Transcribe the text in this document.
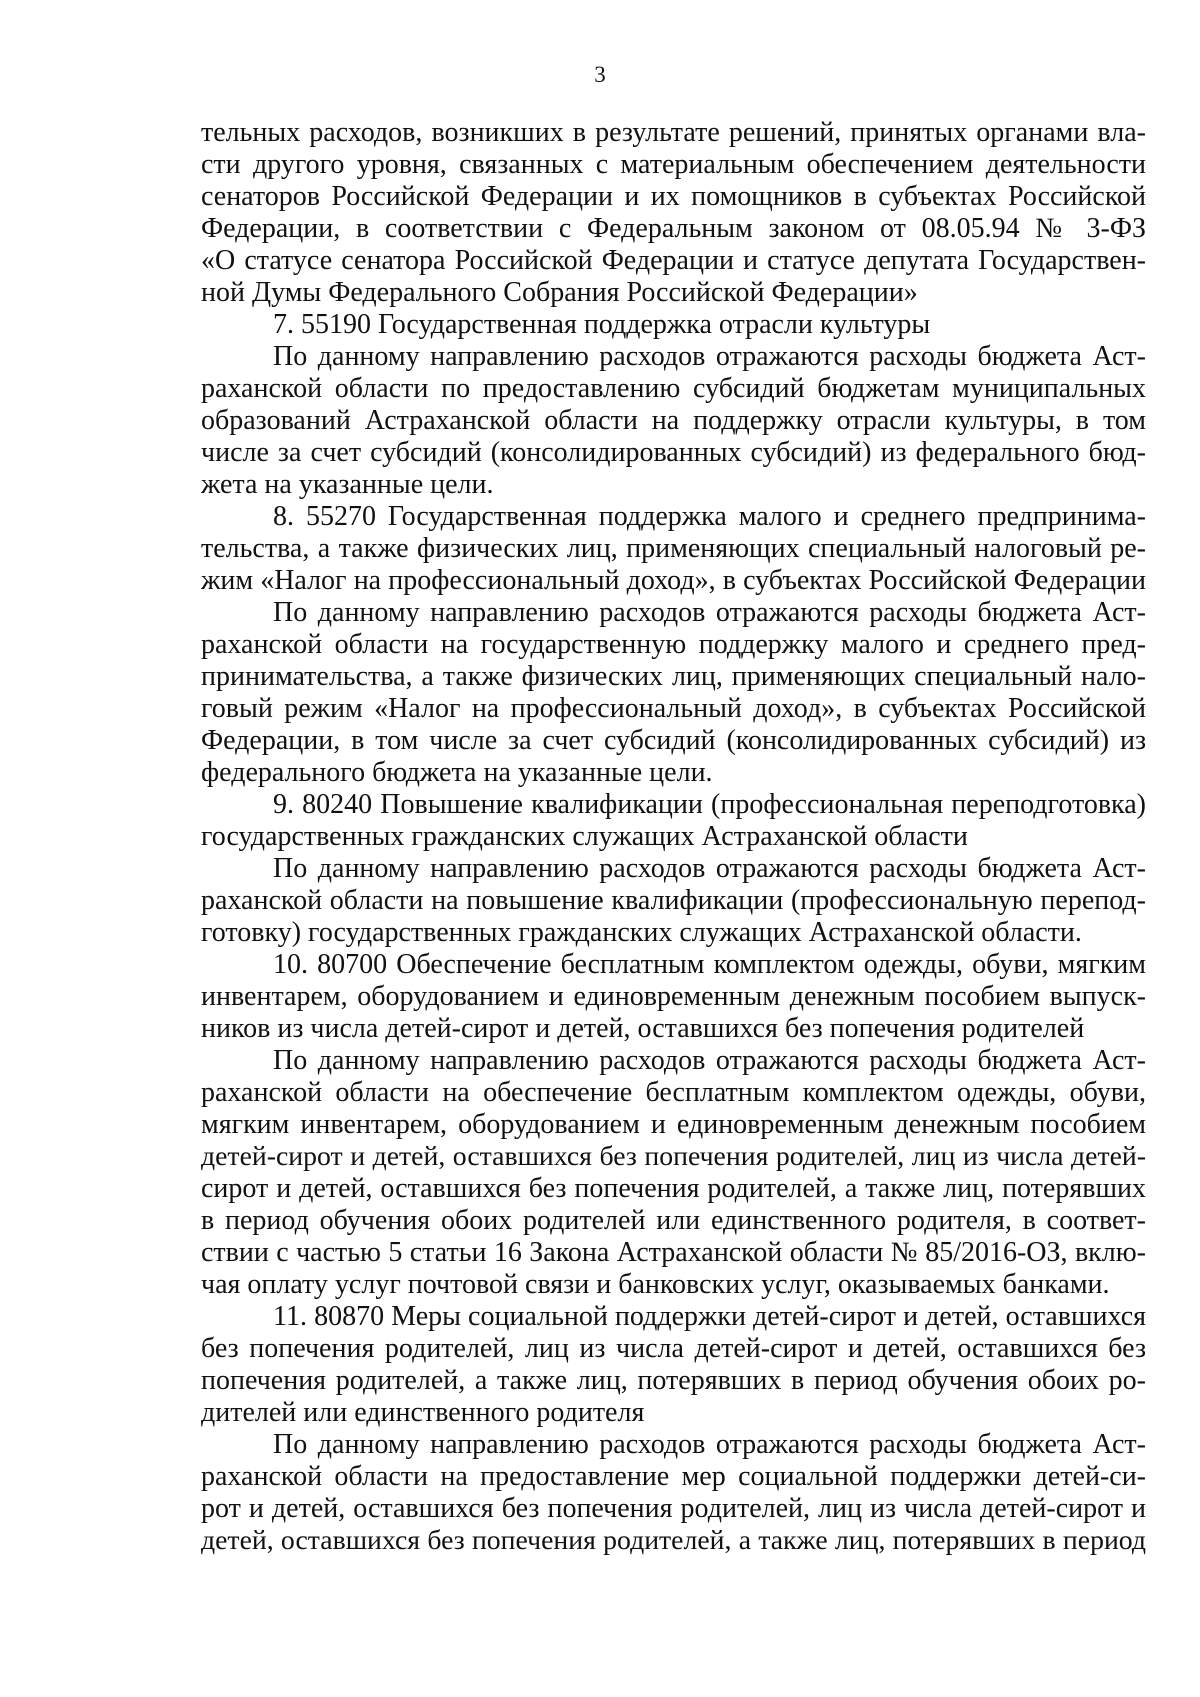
3
тельных расходов, возникших в результате решений, принятых органами вла-
сти другого уровня, связанных с материальным обеспечением деятельности
сенаторов Российской Федерации и их помощников в субъектах Российской
Федерации, в соответствии с Федеральным законом от 08.05.94 № 3-ФЗ
«О статусе сенатора Российской Федерации и статусе депутата Государствен-
ной Думы Федерального Собрания Российской Федерации»
7. 55190 Государственная поддержка отрасли культуры
По данному направлению расходов отражаются расходы бюджета Аст-
раханской области по предоставлению субсидий бюджетам муниципальных
образований Астраханской области на поддержку отрасли культуры, в том
числе за счет субсидий (консолидированных субсидий) из федерального бюд-
жета на указанные цели.
8. 55270 Государственная поддержка малого и среднего предпринима-
тельства, а также физических лиц, применяющих специальный налоговый ре-
жим «Налог на профессиональный доход», в субъектах Российской Федерации
По данному направлению расходов отражаются расходы бюджета Аст-
раханской области на государственную поддержку малого и среднего пред-
принимательства, а также физических лиц, применяющих специальный нало-
говый режим «Налог на профессиональный доход», в субъектах Российской
Федерации, в том числе за счет субсидий (консолидированных субсидий) из
федерального бюджета на указанные цели.
9. 80240 Повышение квалификации (профессиональная переподготовка)
государственных гражданских служащих Астраханской области
По данному направлению расходов отражаются расходы бюджета Аст-
раханской области на повышение квалификации (профессиональную перепод-
готовку) государственных гражданских служащих Астраханской области.
10. 80700 Обеспечение бесплатным комплектом одежды, обуви, мягким
инвентарем, оборудованием и единовременным денежным пособием выпуск-
ников из числа детей-сирот и детей, оставшихся без попечения родителей
По данному направлению расходов отражаются расходы бюджета Аст-
раханской области на обеспечение бесплатным комплектом одежды, обуви,
мягким инвентарем, оборудованием и единовременным денежным пособием
детей-сирот и детей, оставшихся без попечения родителей, лиц из числа детей-
сирот и детей, оставшихся без попечения родителей, а также лиц, потерявших
в период обучения обоих родителей или единственного родителя, в соответ-
ствии с частью 5 статьи 16 Закона Астраханской области № 85/2016-ОЗ, вклю-
чая оплату услуг почтовой связи и банковских услуг, оказываемых банками.
11. 80870 Меры социальной поддержки детей-сирот и детей, оставшихся
без попечения родителей, лиц из числа детей-сирот и детей, оставшихся без
попечения родителей, а также лиц, потерявших в период обучения обоих ро-
дителей или единственного родителя
По данному направлению расходов отражаются расходы бюджета Аст-
раханской области на предоставление мер социальной поддержки детей-си-
рот и детей, оставшихся без попечения родителей, лиц из числа детей-сирот и
детей, оставшихся без попечения родителей, а также лиц, потерявших в период
